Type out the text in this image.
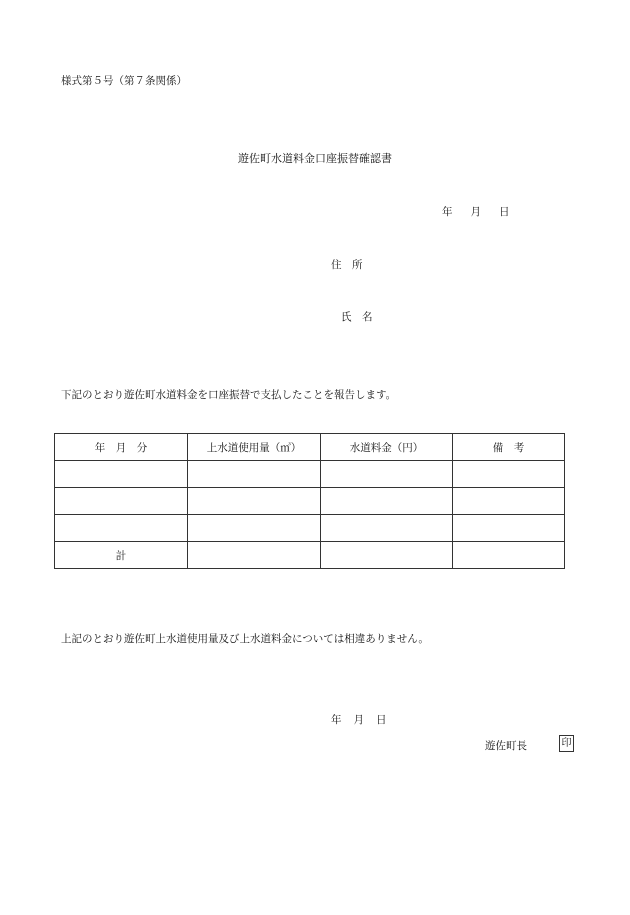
様式第５号（第７条関係）
遊佐町水道料金口座振替確認書
年 月 日
住　所
氏　名
下記のとおり遊佐町水道料金を口座振替で支払したことを報告します。
年　月　分	上水道使用量（㎥）	水道料金（円）	備　考

計			
上記のとおり遊佐町上水道使用量及び上水道料金については相違ありません。
年 月 日
遊佐町長	印
